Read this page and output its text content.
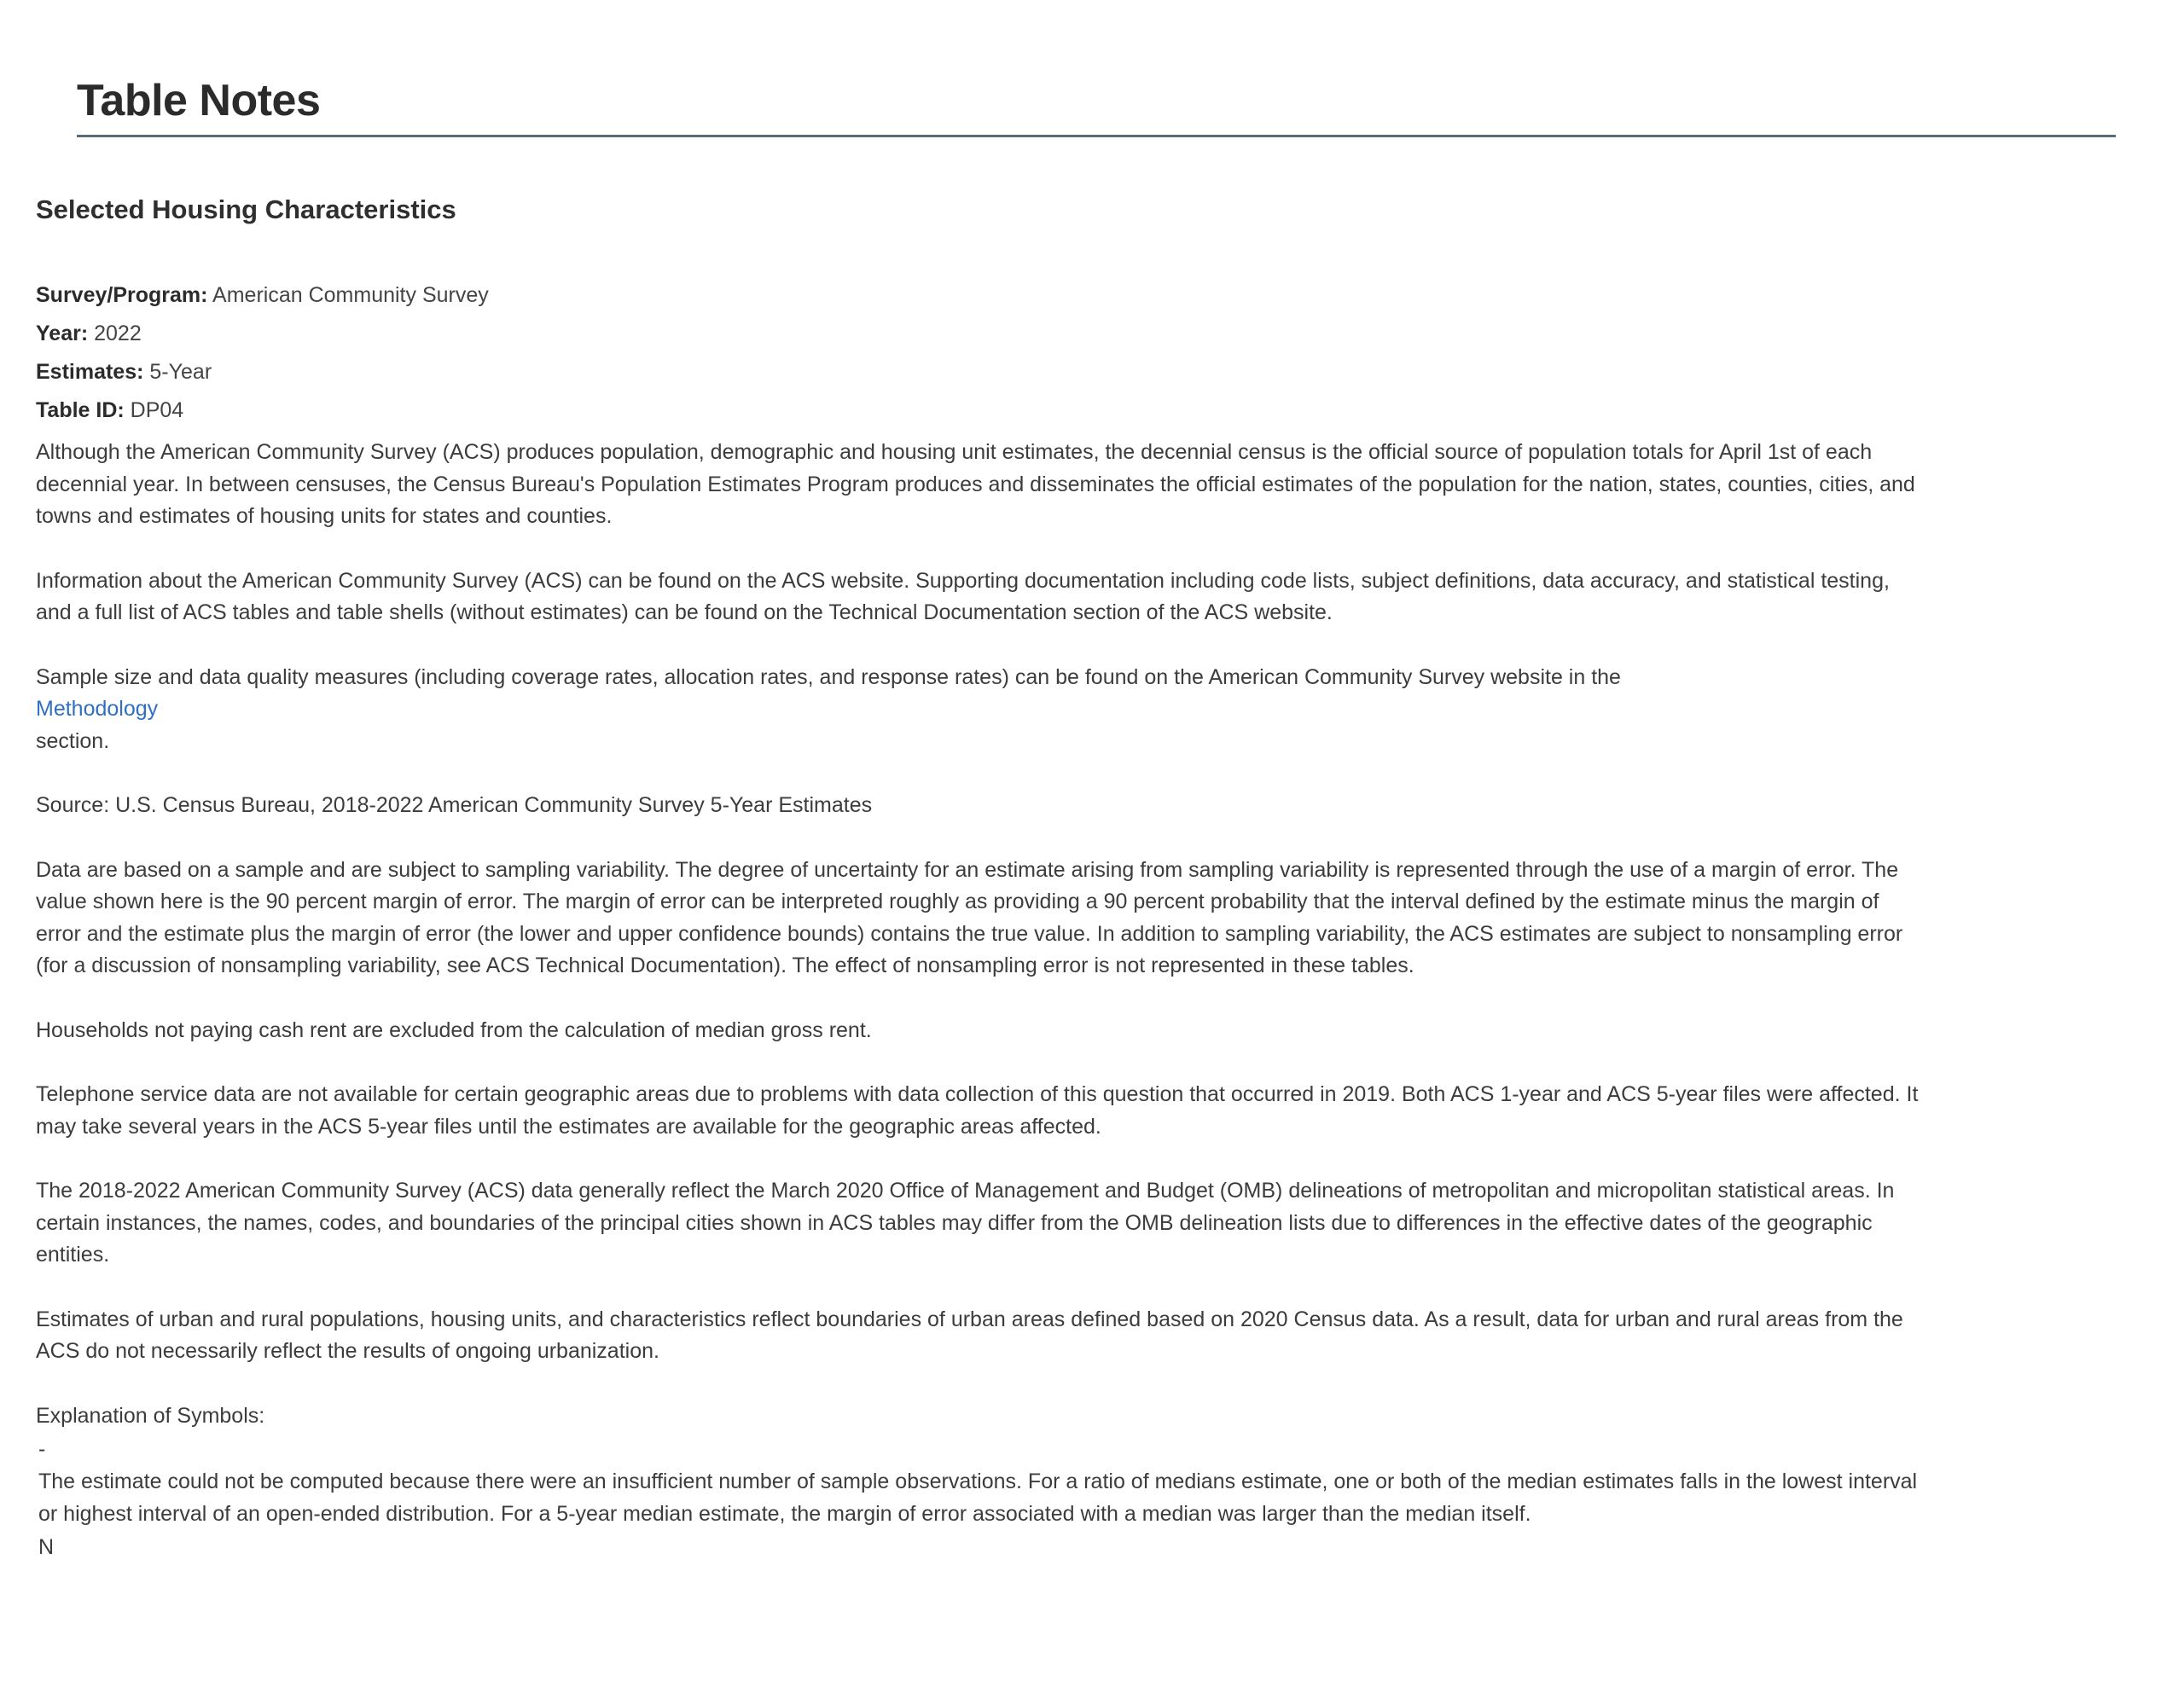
Table Notes
Selected Housing Characteristics
Survey/Program: American Community Survey
Year: 2022
Estimates: 5-Year
Table ID: DP04
Although the American Community Survey (ACS) produces population, demographic and housing unit estimates, the decennial census is the official source of population totals for April 1st of each
decennial year. In between censuses, the Census Bureau's Population Estimates Program produces and disseminates the official estimates of the population for the nation, states, counties, cities, and
towns and estimates of housing units for states and counties.
Information about the American Community Survey (ACS) can be found on the ACS website. Supporting documentation including code lists, subject definitions, data accuracy, and statistical testing,
and a full list of ACS tables and table shells (without estimates) can be found on the Technical Documentation section of the ACS website.
Sample size and data quality measures (including coverage rates, allocation rates, and response rates) can be found on the American Community Survey website in the
Methodology
section.
Source: U.S. Census Bureau, 2018-2022 American Community Survey 5-Year Estimates
Data are based on a sample and are subject to sampling variability. The degree of uncertainty for an estimate arising from sampling variability is represented through the use of a margin of error. The
value shown here is the 90 percent margin of error. The margin of error can be interpreted roughly as providing a 90 percent probability that the interval defined by the estimate minus the margin of
error and the estimate plus the margin of error (the lower and upper confidence bounds) contains the true value. In addition to sampling variability, the ACS estimates are subject to nonsampling error
(for a discussion of nonsampling variability, see ACS Technical Documentation). The effect of nonsampling error is not represented in these tables.
Households not paying cash rent are excluded from the calculation of median gross rent.
Telephone service data are not available for certain geographic areas due to problems with data collection of this question that occurred in 2019. Both ACS 1-year and ACS 5-year files were affected. It
may take several years in the ACS 5-year files until the estimates are available for the geographic areas affected.
The 2018-2022 American Community Survey (ACS) data generally reflect the March 2020 Office of Management and Budget (OMB) delineations of metropolitan and micropolitan statistical areas. In
certain instances, the names, codes, and boundaries of the principal cities shown in ACS tables may differ from the OMB delineation lists due to differences in the effective dates of the geographic
entities.
Estimates of urban and rural populations, housing units, and characteristics reflect boundaries of urban areas defined based on 2020 Census data. As a result, data for urban and rural areas from the
ACS do not necessarily reflect the results of ongoing urbanization.

Explanation of Symbols:

-
The estimate could not be computed because there were an insufficient number of sample observations. For a ratio of medians estimate, one or both of the median estimates falls in the lowest interval
or highest interval of an open-ended distribution. For a 5-year median estimate, the margin of error associated with a median was larger than the median itself.
N
